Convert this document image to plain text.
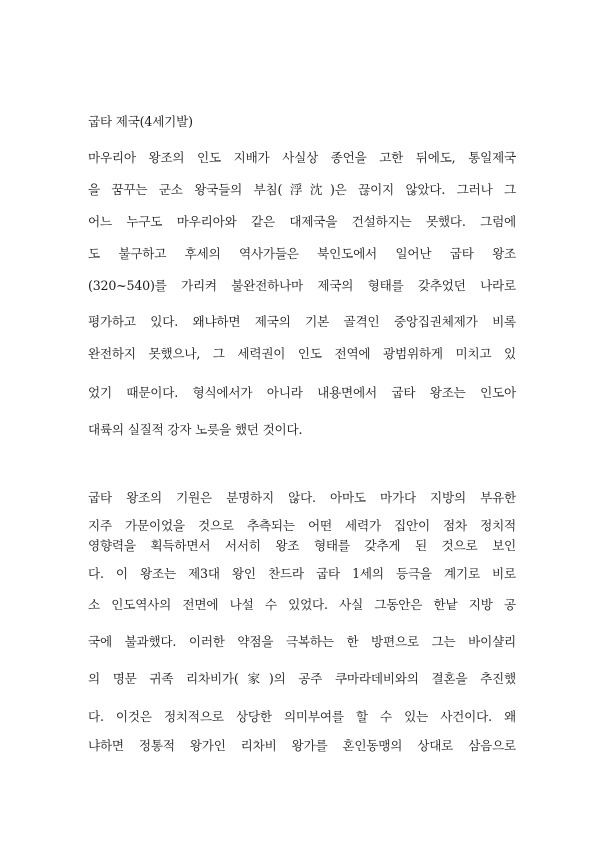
굽타 제국(4세기발)
마우리아 왕조의 인도 지배가 사실상 종언을 고한 뒤에도, 통일제국
을 꿈꾸는 군소 왕국들의 부침(浮沈)은 끊이지 않았다. 그러나 그
어느 누구도 마우리아와 같은 대제국을 건설하지는 못했다. 그럼에
도 불구하고 후세의 역사가들은 북인도에서 일어난 굽타 왕조
(320~540)를 가리켜 불완전하나마 제국의 형태를 갖추었던 나라로
평가하고 있다. 왜냐하면 제국의 기본 골격인 중앙집권체제가 비록
완전하지 못했으나, 그 세력권이 인도 전역에 광범위하게 미치고 있
었기 때문이다. 형식에서가 아니라 내용면에서 굽타 왕조는 인도아
대륙의 실질적 강자 노릇을 했던 것이다.
굽타 왕조의 기원은 분명하지 않다. 아마도 마가다 지방의 부유한
지주 가문이었을 것으로 추측되는 어떤 세력가 집안이 점차 정치적
영향력을 획득하면서 서서히 왕조 형태를 갖추게 된 것으로 보인
다. 이 왕조는 제3대 왕인 찬드라 굽타 1세의 등극을 계기로 비로
소 인도역사의 전면에 나설 수 있었다. 사실 그동안은 한낱 지방 공
국에 불과했다. 이러한 약점을 극복하는 한 방편으로 그는 바이샬리
의 명문 귀족 리차비가(家)의 공주 쿠마라데비와의 결혼을 추진했
다. 이것은 정치적으로 상당한 의미부여를 할 수 있는 사건이다. 왜
냐하면 정통적 왕가인 리차비 왕가를 혼인동맹의 상대로 삼음으로
